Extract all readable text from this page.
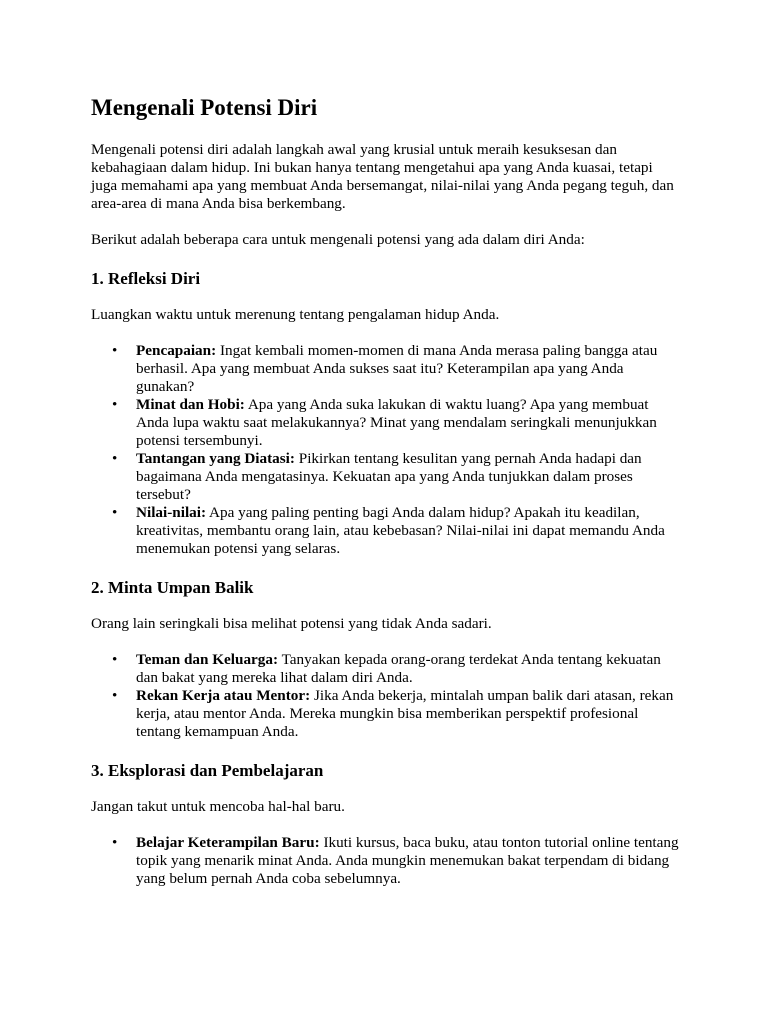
Mengenali Potensi Diri

Mengenali potensi diri adalah langkah awal yang krusial untuk meraih kesuksesan dan kebahagiaan dalam hidup. Ini bukan hanya tentang mengetahui apa yang Anda kuasai, tetapi juga memahami apa yang membuat Anda bersemangat, nilai-nilai yang Anda pegang teguh, dan area-area di mana Anda bisa berkembang.

Berikut adalah beberapa cara untuk mengenali potensi yang ada dalam diri Anda:

1. Refleksi Diri

Luangkan waktu untuk merenung tentang pengalaman hidup Anda.

• Pencapaian: Ingat kembali momen-momen di mana Anda merasa paling bangga atau berhasil. Apa yang membuat Anda sukses saat itu? Keterampilan apa yang Anda gunakan?
• Minat dan Hobi: Apa yang Anda suka lakukan di waktu luang? Apa yang membuat Anda lupa waktu saat melakukannya? Minat yang mendalam seringkali menunjukkan potensi tersembunyi.
• Tantangan yang Diatasi: Pikirkan tentang kesulitan yang pernah Anda hadapi dan bagaimana Anda mengatasinya. Kekuatan apa yang Anda tunjukkan dalam proses tersebut?
• Nilai-nilai: Apa yang paling penting bagi Anda dalam hidup? Apakah itu keadilan, kreativitas, membantu orang lain, atau kebebasan? Nilai-nilai ini dapat memandu Anda menemukan potensi yang selaras.
2. Minta Umpan Balik

Orang lain seringkali bisa melihat potensi yang tidak Anda sadari.

• Teman dan Keluarga: Tanyakan kepada orang-orang terdekat Anda tentang kekuatan dan bakat yang mereka lihat dalam diri Anda.
• Rekan Kerja atau Mentor: Jika Anda bekerja, mintalah umpan balik dari atasan, rekan kerja, atau mentor Anda. Mereka mungkin bisa memberikan perspektif profesional tentang kemampuan Anda.
3. Eksplorasi dan Pembelajaran

Jangan takut untuk mencoba hal-hal baru.

• Belajar Keterampilan Baru: Ikuti kursus, baca buku, atau tonton tutorial online tentang topik yang menarik minat Anda. Anda mungkin menemukan bakat terpendam di bidang yang belum pernah Anda coba sebelumnya.
